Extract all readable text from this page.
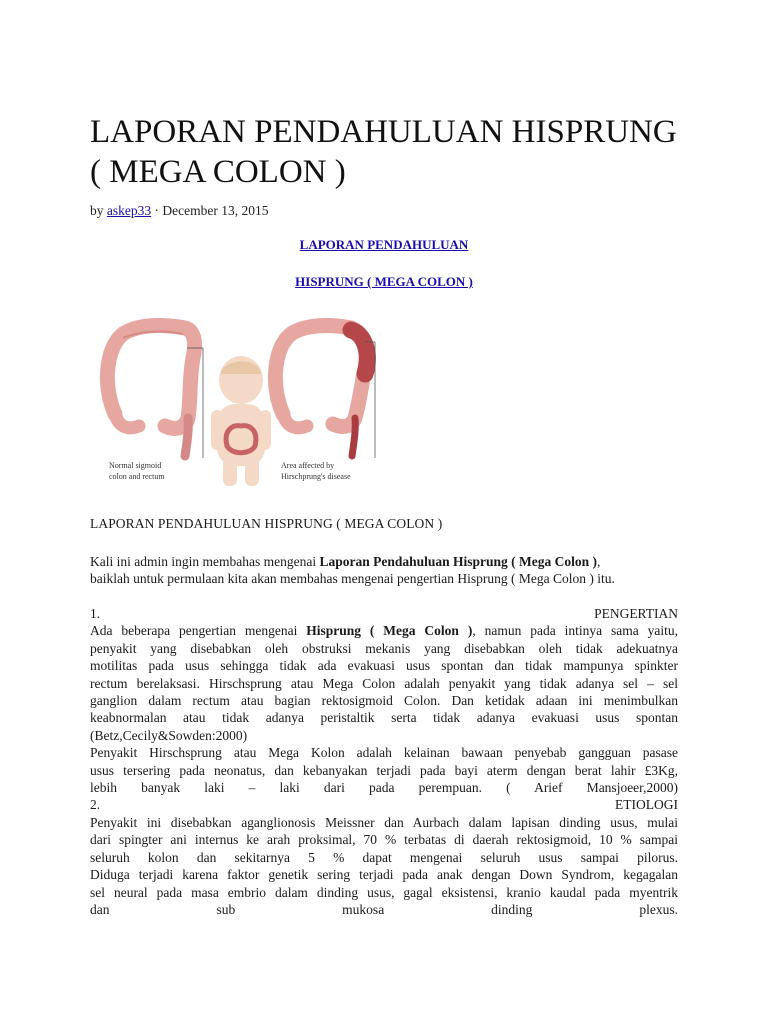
LAPORAN PENDAHULUAN HISPRUNG
( MEGA COLON )
by askep33 · December 13, 2015
LAPORAN PENDAHULUAN
HISPRUNG ( MEGA COLON )
Normal sigmoid
colon and rectum
Area affected by
Hirschprung's disease
LAPORAN PENDAHULUAN HISPRUNG ( MEGA COLON )
Kali ini admin ingin membahas mengenai Laporan Pendahuluan Hisprung ( Mega Colon ),
baiklah untuk permulaan kita akan membahas mengenai pengertian Hisprung ( Mega Colon ) itu.
1.	PENGERTIAN
Ada beberapa pengertian mengenai Hisprung ( Mega Colon ), namun pada intinya sama yaitu,
penyakit yang disebabkan oleh obstruksi mekanis yang disebabkan oleh tidak adekuatnya
motilitas pada usus sehingga tidak ada evakuasi usus spontan dan tidak mampunya spinkter
rectum berelaksasi. Hirschsprung atau Mega Colon adalah penyakit yang tidak adanya sel – sel
ganglion dalam rectum atau bagian rektosigmoid Colon. Dan ketidak adaan ini menimbulkan
keabnormalan atau tidak adanya peristaltik serta tidak adanya evakuasi usus spontan
(Betz,Cecily&Sowden:2000)
Penyakit Hirschsprung atau Mega Kolon adalah kelainan bawaan penyebab gangguan pasase
usus tersering pada neonatus, dan kebanyakan terjadi pada bayi aterm dengan berat lahir £3Kg,
lebih banyak laki – laki dari pada perempuan. ( Arief Mansjoeer,2000)
2.	ETIOLOGI
Penyakit ini disebabkan aganglionosis Meissner dan Aurbach dalam lapisan dinding usus, mulai
dari spingter ani internus ke arah proksimal, 70 % terbatas di daerah rektosigmoid, 10 % sampai
seluruh kolon dan sekitarnya 5 % dapat mengenai seluruh usus sampai pilorus.
Diduga terjadi karena faktor genetik sering terjadi pada anak dengan Down Syndrom, kegagalan
sel neural pada masa embrio dalam dinding usus, gagal eksistensi, kranio kaudal pada myentrik
dan sub mukosa dinding plexus.
